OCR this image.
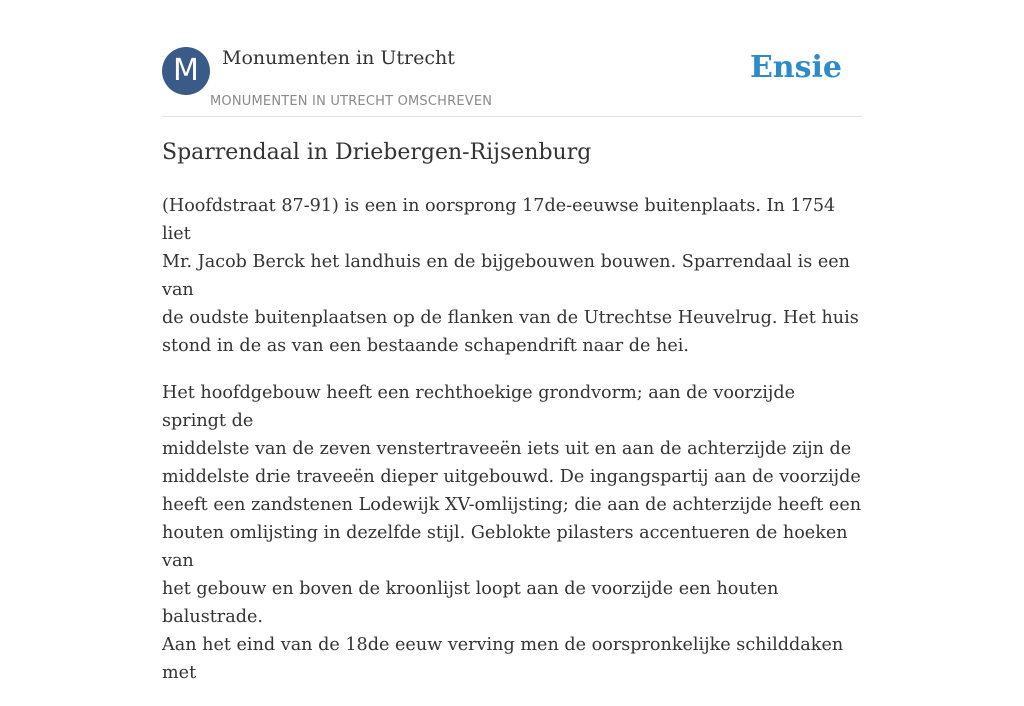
M	Monumenten in Utrecht
MONUMENTEN IN UTRECHT OMSCHREVEN
Ensie
Sparrendaal in Driebergen-Rijsenburg

(Hoofdstraat 87-91) is een in oorsprong 17de-eeuwse buitenplaats. In 1754 liet
Mr. Jacob Berck het landhuis en de bijgebouwen bouwen. Sparrendaal is een van
de oudste buitenplaatsen op de flanken van de Utrechtse Heuvelrug. Het huis
stond in de as van een bestaande schapendrift naar de hei.

Het hoofdgebouw heeft een rechthoekige grondvorm; aan de voorzijde springt de
middelste van de zeven venstertraveeën iets uit en aan de achterzijde zijn de
middelste drie traveeën dieper uitgebouwd. De ingangspartij aan de voorzijde
heeft een zandstenen Lodewijk XV-omlijsting; die aan de achterzijde heeft een
houten omlijsting in dezelfde stijl. Geblokte pilasters accentueren de hoeken van
het gebouw en boven de kroonlijst loopt aan de voorzijde een houten balustrade.
Aan het eind van de 18de eeuw verving men de oorspronkelijke schilddaken met
